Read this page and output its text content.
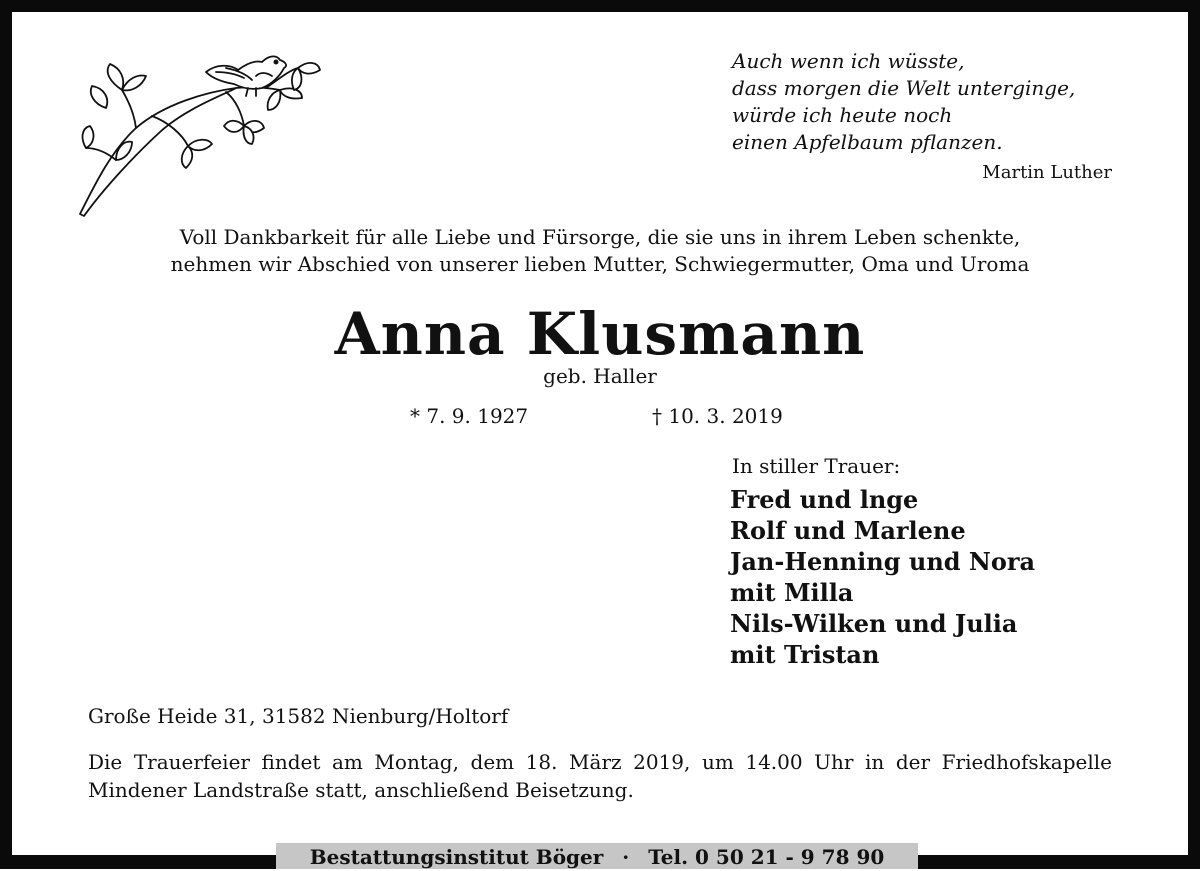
Auch wenn ich wüsste,
dass morgen die Welt unterginge,
würde ich heute noch
einen Apfelbaum pflanzen.
Martin Luther
Voll Dankbarkeit für alle Liebe und Fürsorge, die sie uns in ihrem Leben schenkte,
nehmen wir Abschied von unserer lieben Mutter, Schwiegermutter, Oma und Uroma
Anna Klusmann
geb. Haller
* 7. 9. 1927	† 10. 3. 2019
In stiller Trauer:
Fred und lnge
Rolf und Marlene
Jan-Henning und Nora
mit Milla
Nils-Wilken und Julia
mit Tristan
Große Heide 31, 31582 Nienburg/Holtorf
Die Trauerfeier findet am Montag, dem 18. März 2019, um 14.00 Uhr in der Friedhofskapelle Mindener Landstraße statt, anschließend Beisetzung.
Bestattungsinstitut Böger · Tel. 0 50 21 - 9 78 90
